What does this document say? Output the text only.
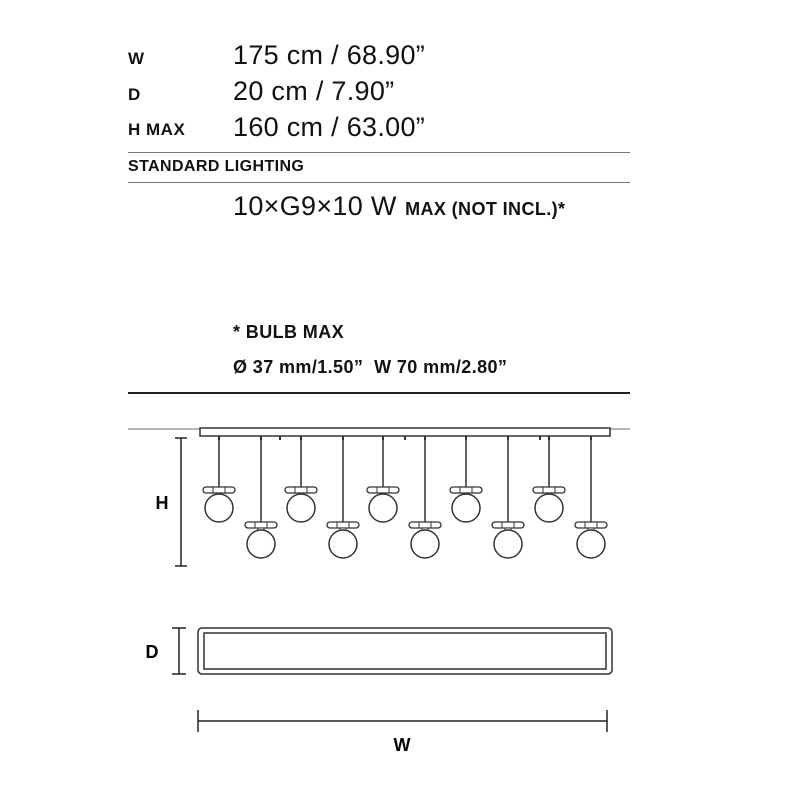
W	175 cm / 68.90”
D	20 cm / 7.90”
H MAX 160 cm / 63.00”
STANDARD LIGHTING
10×G9×10 W MAX (NOT INCL.)*
* BULB MAX
Ø 37 mm/1.50”  W 70 mm/2.80”
H
D
W
